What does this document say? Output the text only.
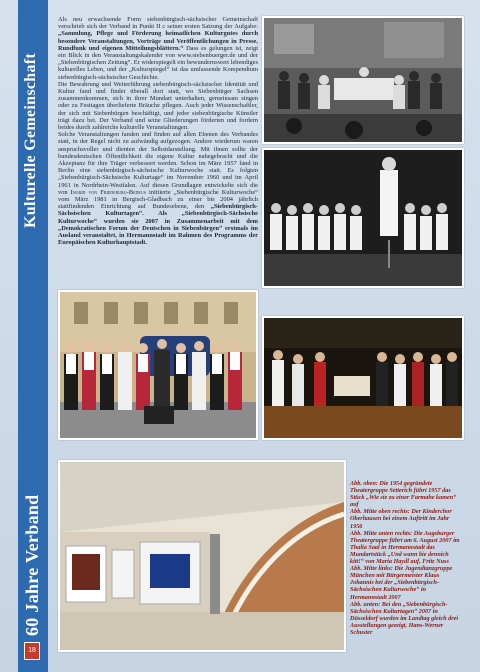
Kulturelle Gemeinschaft
60 Jahre Verband
18

Als neu erwachsende Form siebenbürgisch-sächsischer Gemeinschaft verschrieb sich der Verband in Punkt II c seiner ersten Satzung der Aufgabe: „Sammlung, Pflege und Förderung heimatlichen Kulturgutes durch besondere Veranstaltungen, Vorträge und Veröffentlichungen in Presse, Rundfunk und eigenen Mitteilungsblättern.“ Dass es gelungen ist, zeigt ein Blick in den Veranstaltungskalender von www.siebenbuerger.de und der „Siebenbürgischen Zeitung“. Er widerspiegelt ein bewundernswert lebendiges kulturelles Leben, und der „Kulturspiegel“ ist das umfassende Kompendium siebenbürgisch-sächsischer Geschichte.

Die Bewahrung und Weiterführung siebenbürgisch-sächsischer Identität und Kultur fand und findet überall dort statt, wo Siebenbürger Sachsen zusammenkommen, sich in ihrer Mundart unterhalten, gemeinsam singen oder zu Festtagen überlieferte Bräuche pflegen. Auch jeder Wissenschaftler, der sich mit Siebenbürgen beschäftigt, und jeder siebenbürgische Künstler trägt dazu bei. Der Verband und seine Gliederungen förderten und fordern beides durch zahlreiche kulturelle Veranstaltungen.

Solche Veranstaltungen fanden und finden auf allen Ebenen des Verbandes statt, in der Regel nicht zu aufwändig aufgezogen. Andere wiederum waren anspruchsvoller und dienten der Selbstdarstellung. Mit ihnen sollte der bundesdeutschen Öffentlichkeit die eigene Kultur nahegebracht und die Akzeptanz für ihre Träger verbessert werden. Schon im März 1957 fand in Berlin eine siebenbürgisch-sächsische Kulturwoche statt. Es folgten „Siebenbürgisch-Sächsische Kulturtage“ im November 1960 und im April 1961 in Nordrhein-Westfalen. Auf diesen Grundlagen entwickelte sich die von Ingrid von Friedeburg-Bedeus initiierte „Siebenbürgische Kulturwoche“ vom März 1981 in Bergisch-Gladbach zu einer bis 2004 jährlich stattfindenden Einrichtung auf Bundesebene, den „Siebenbürgisch-Sächsischen Kulturtagen“. Als „Siebenbürgisch-Sächsische Kulturwoche“ wurden sie 2007 in Zusammenarbeit mit dem „Demokratischen Forum der Deutschen in Siebenbürgen“ erstmals im Ausland veranstaltet, in Hermannstadt im Rahmen des Programms der Europäischen Kulturhauptstadt.

Abb. oben: Die 1954 gegründete Theatergruppe Setterich führt 1957 das Stück „Wie sie zu einer Farmahe kamen“ auf

Abb. Mitte oben rechts: Der Kinderchor Oberhausen bei einem Auftritt im Jahr 1956

Abb. Mitte unten rechts: Die Augsburger Theatergruppe führt am 6. August 2007 im Thalia Saal in Hermannstadt das Mundartstück „Und wann bie dennich kitt!“ von Maria Haydl auf, Fritz Nuss

Abb. Mitte links: Die Jugendtanzgruppe München mit Bürgermeister Klaus Johannis bei der „Siebenbürgisch-Sächsischen Kulturwoche“ in Hermannstadt 2007

Abb. unten: Bei den „Siebenbürgisch-Sächsischen Kulturtagen“ 2007 in Düsseldorf wurden im Landtag gleich drei Ausstellungen gezeigt, Hans-Werner Schuster
